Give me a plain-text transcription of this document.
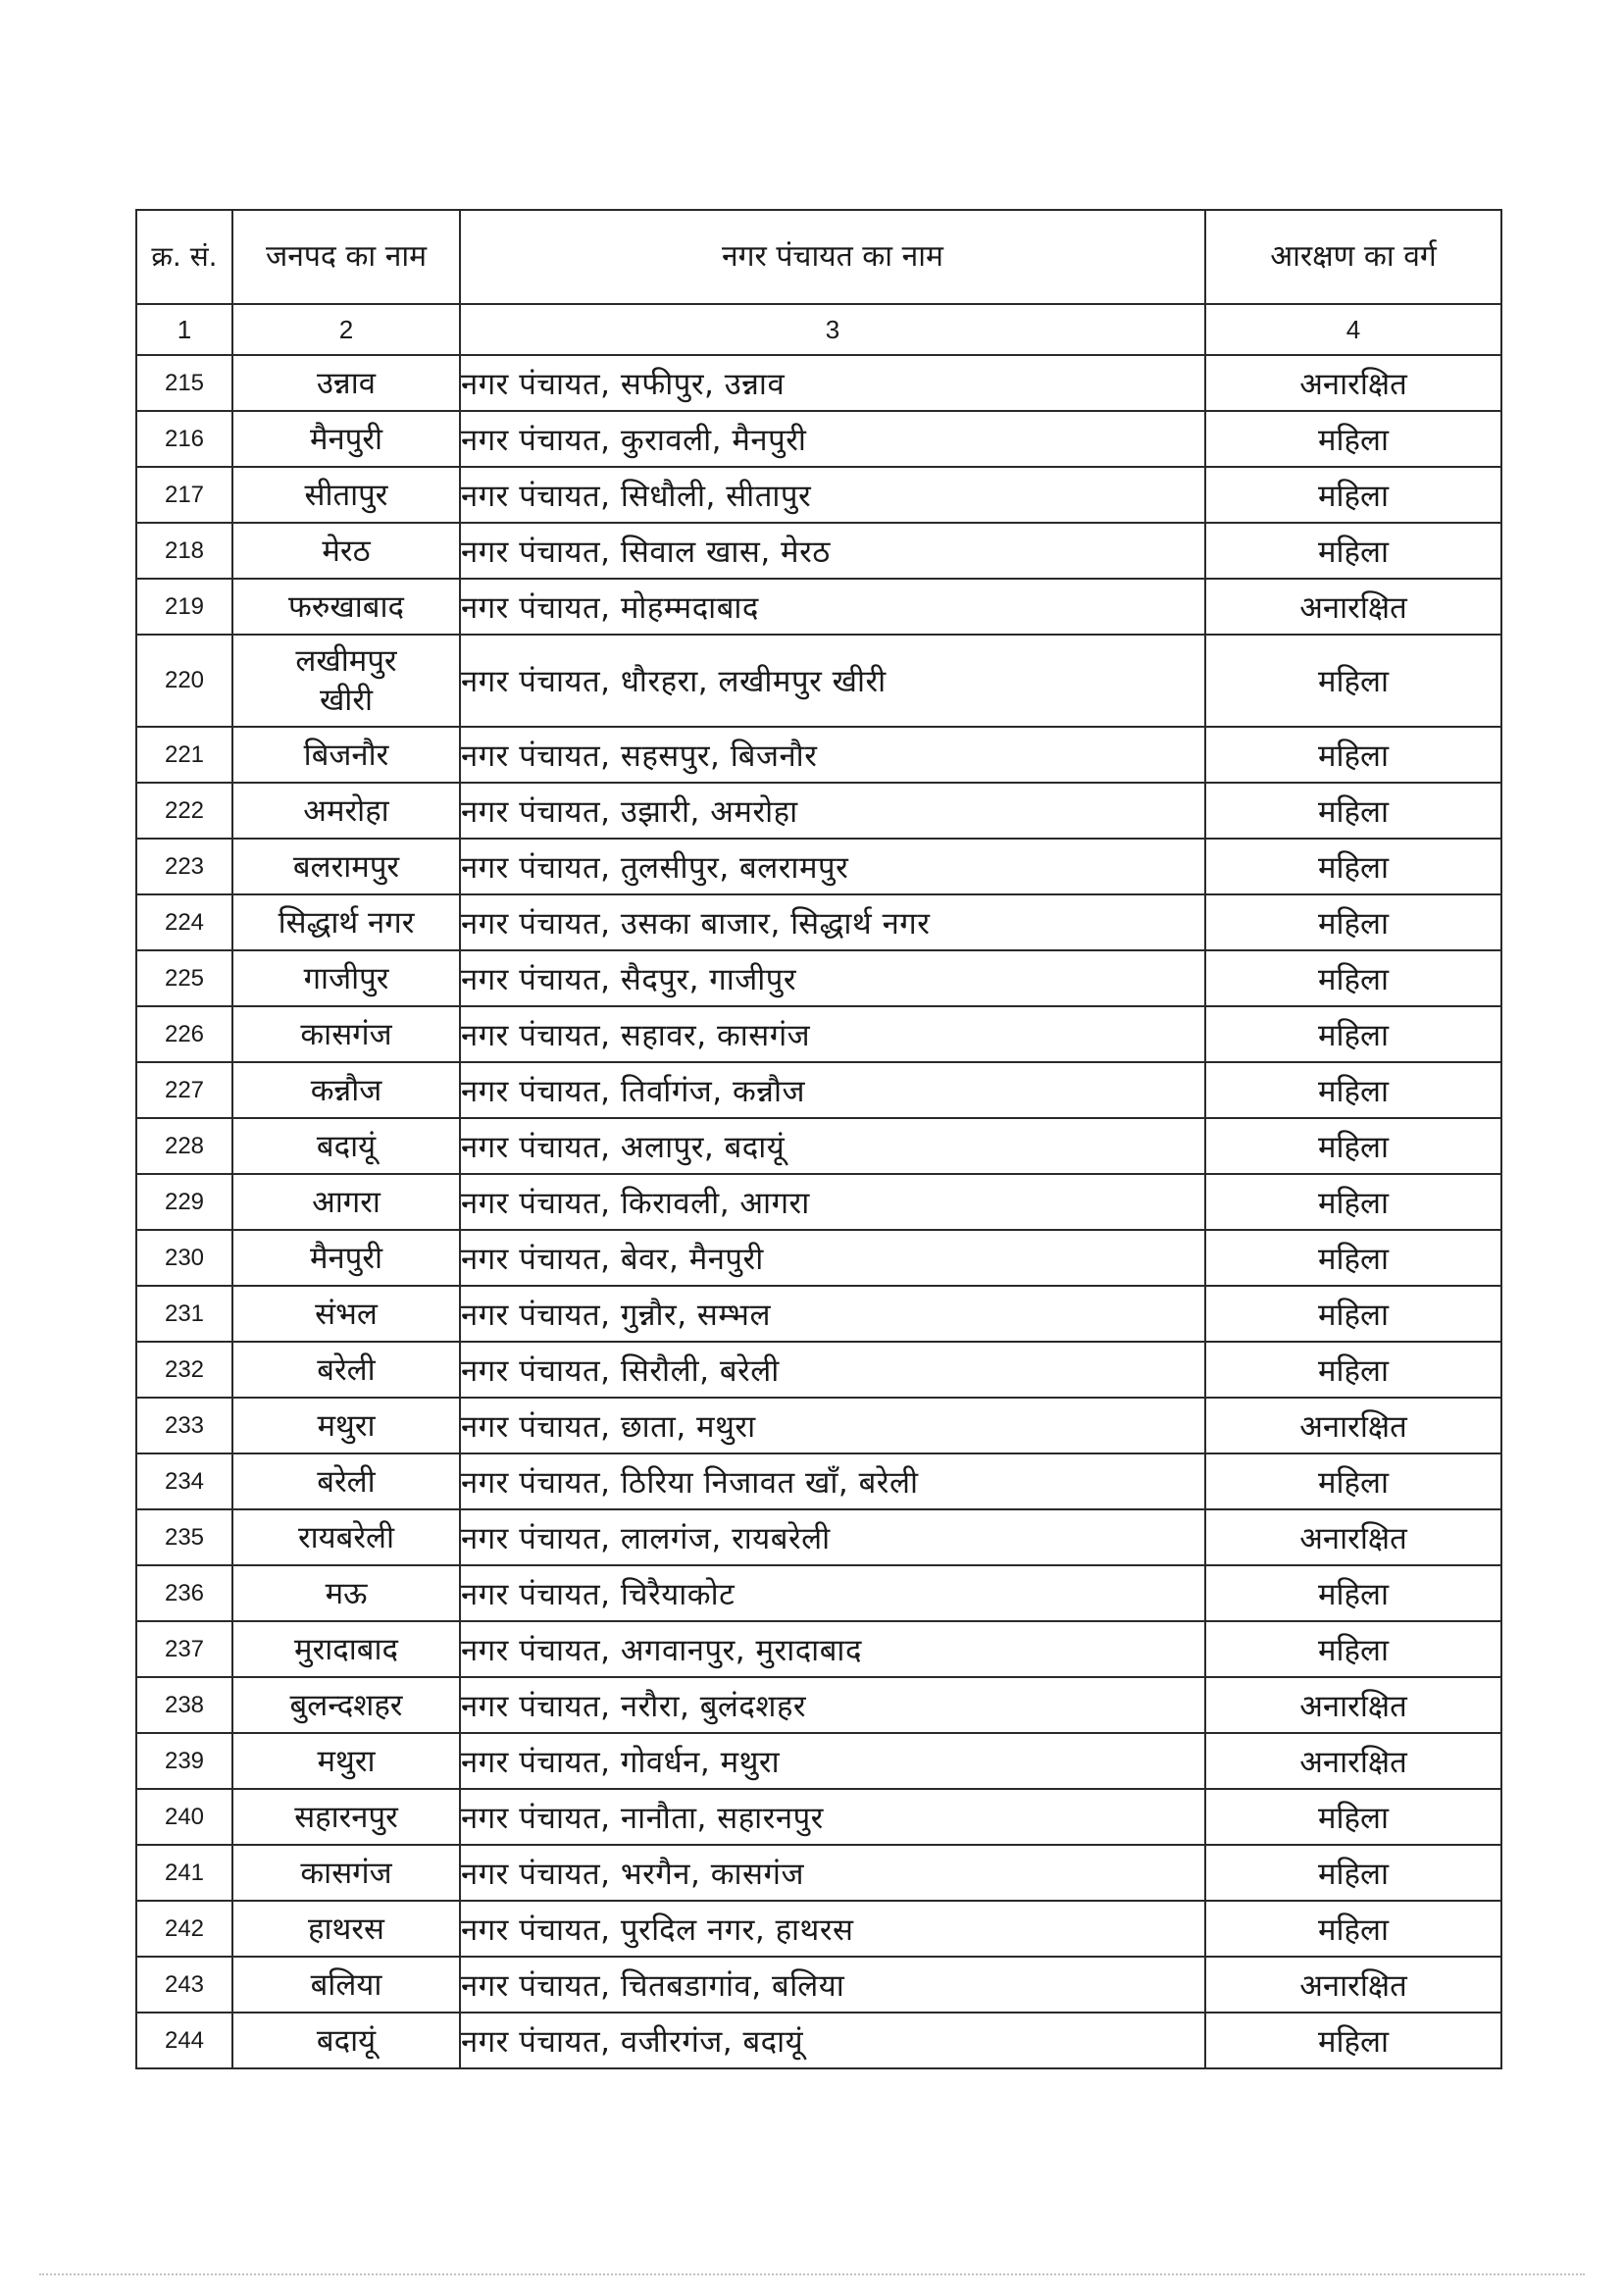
क्र. सं.	जनपद का नाम	नगर पंचायत का नाम	आरक्षण का वर्ग
1	2	3	4
215	उन्नाव	नगर पंचायत, सफीपुर, उन्नाव	अनारक्षित
216	मैनपुरी	नगर पंचायत, कुरावली, मैनपुरी	महिला
217	सीतापुर	नगर पंचायत, सिधौली, सीतापुर	महिला
218	मेरठ	नगर पंचायत, सिवाल खास, मेरठ	महिला
219	फरुखाबाद	नगर पंचायत, मोहम्मदाबाद	अनारक्षित
220	लखीमपुर खीरी	नगर पंचायत, धौरहरा, लखीमपुर खीरी	महिला
221	बिजनौर	नगर पंचायत, सहसपुर, बिजनौर	महिला
222	अमरोहा	नगर पंचायत, उझारी, अमरोहा	महिला
223	बलरामपुर	नगर पंचायत, तुलसीपुर, बलरामपुर	महिला
224	सिद्धार्थ नगर	नगर पंचायत, उसका बाजार, सिद्धार्थ नगर	महिला
225	गाजीपुर	नगर पंचायत, सैदपुर, गाजीपुर	महिला
226	कासगंज	नगर पंचायत, सहावर, कासगंज	महिला
227	कन्नौज	नगर पंचायत, तिर्वागंज, कन्नौज	महिला
228	बदायूं	नगर पंचायत, अलापुर, बदायूं	महिला
229	आगरा	नगर पंचायत, किरावली, आगरा	महिला
230	मैनपुरी	नगर पंचायत, बेवर, मैनपुरी	महिला
231	संभल	नगर पंचायत, गुन्नौर, सम्भल	महिला
232	बरेली	नगर पंचायत, सिरौली, बरेली	महिला
233	मथुरा	नगर पंचायत, छाता, मथुरा	अनारक्षित
234	बरेली	नगर पंचायत, ठिरिया निजावत खाँ, बरेली	महिला
235	रायबरेली	नगर पंचायत, लालगंज, रायबरेली	अनारक्षित
236	मऊ	नगर पंचायत, चिरैयाकोट	महिला
237	मुरादाबाद	नगर पंचायत, अगवानपुर, मुरादाबाद	महिला
238	बुलन्दशहर	नगर पंचायत, नरौरा, बुलंदशहर	अनारक्षित
239	मथुरा	नगर पंचायत, गोवर्धन, मथुरा	अनारक्षित
240	सहारनपुर	नगर पंचायत, नानौता, सहारनपुर	महिला
241	कासगंज	नगर पंचायत, भरगैन, कासगंज	महिला
242	हाथरस	नगर पंचायत, पुरदिल नगर, हाथरस	महिला
243	बलिया	नगर पंचायत, चितबडागांव, बलिया	अनारक्षित
244	बदायूं	नगर पंचायत, वजीरगंज, बदायूं	महिला
